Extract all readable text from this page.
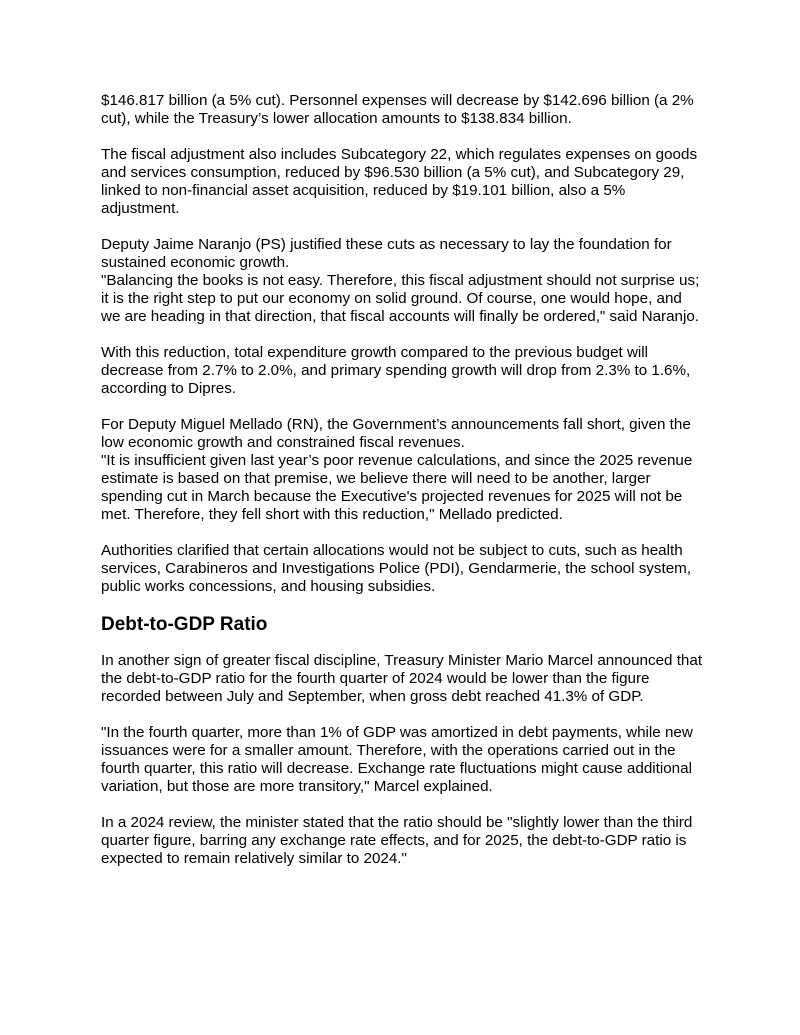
$146.817 billion (a 5% cut). Personnel expenses will decrease by $142.696 billion (a 2% cut), while the Treasury’s lower allocation amounts to $138.834 billion.

The fiscal adjustment also includes Subcategory 22, which regulates expenses on goods and services consumption, reduced by $96.530 billion (a 5% cut), and Subcategory 29, linked to non-financial asset acquisition, reduced by $19.101 billion, also a 5% adjustment.

Deputy Jaime Naranjo (PS) justified these cuts as necessary to lay the foundation for sustained economic growth.

"Balancing the books is not easy. Therefore, this fiscal adjustment should not surprise us; it is the right step to put our economy on solid ground. Of course, one would hope, and we are heading in that direction, that fiscal accounts will finally be ordered," said Naranjo.

With this reduction, total expenditure growth compared to the previous budget will decrease from 2.7% to 2.0%, and primary spending growth will drop from 2.3% to 1.6%, according to Dipres.

For Deputy Miguel Mellado (RN), the Government’s announcements fall short, given the low economic growth and constrained fiscal revenues.

"It is insufficient given last year’s poor revenue calculations, and since the 2025 revenue estimate is based on that premise, we believe there will need to be another, larger spending cut in March because the Executive's projected revenues for 2025 will not be met. Therefore, they fell short with this reduction," Mellado predicted.

Authorities clarified that certain allocations would not be subject to cuts, such as health services, Carabineros and Investigations Police (PDI), Gendarmerie, the school system, public works concessions, and housing subsidies.

Debt-to-GDP Ratio

In another sign of greater fiscal discipline, Treasury Minister Mario Marcel announced that the debt-to-GDP ratio for the fourth quarter of 2024 would be lower than the figure recorded between July and September, when gross debt reached 41.3% of GDP.

"In the fourth quarter, more than 1% of GDP was amortized in debt payments, while new issuances were for a smaller amount. Therefore, with the operations carried out in the fourth quarter, this ratio will decrease. Exchange rate fluctuations might cause additional variation, but those are more transitory," Marcel explained.

In a 2024 review, the minister stated that the ratio should be "slightly lower than the third quarter figure, barring any exchange rate effects, and for 2025, the debt-to-GDP ratio is expected to remain relatively similar to 2024."
